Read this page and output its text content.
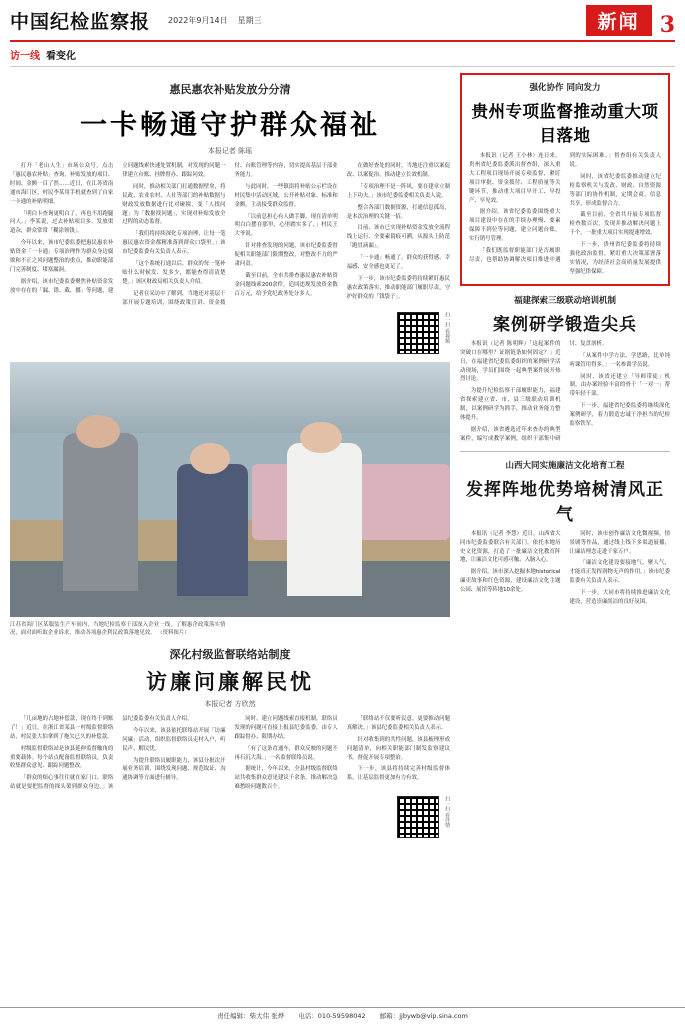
中国纪检监察报 2022年9月14日 星期三	新闻 3
访一线 看变化
惠民惠农补贴发放分分清
一卡畅通守护群众福祉
本报记者 陈瑶

打开「老山人生」市场公众号，点击「惠民惠农补贴」查询，补贴发放的项目、时间、金额一目了然……近日，在江苏省南通市海门区，村民李某用手机就查到了自家一卡通的补贴明细。

「明白卡查询更明白了，再也不用跑腿问人。」李某说，过去补贴项目多、发放渠道杂，群众常常「糊涂领钱」。

今年以来，该市纪委监委把惠民惠农补贴资金「一卡通」专项治理作为群众身边腐败和不正之风问题整治的重点，推动职能部门完善制度、堵塞漏洞。

据介绍，该市纪委监委聚焦补贴资金发放中存在的「漏、错、截、挪」等问题，建立问题线索快速处置机制，对发现的问题一律建立台账、挂牌督办、跟踪问效。

同时，推动相关部门打通数据壁垒，将民政、农业农村、人社等部门的补贴数据与财政发放数据进行比对碰撞，变「人找问题」为「数据找问题」，实现对补贴发放全过程的动态监督。

「我们将持续深化专项治理，让每一笔惠民惠农资金都精准落到群众口袋里。」该市纪委监委有关负责人表示。

「这个系统打通以后，群众的每一笔补贴什么时候发、发多少，都能查得清清楚楚。」该区财政局相关负责人介绍。

记者在采访中了解到，当地还对基层干部开展专题培训，围绕政策宣讲、资金拨付、台账管理等内容，切实提高基层干部业务能力。

与此同时，一些镇街将补贴公示栏设在村民集中活动区域，公开补贴对象、标准和金额，主动接受群众监督。

「以前总担心有人做手脚，现在清单明明白白摆在那里，心里踏实多了。」村民王大爷说。

针对排查发现的问题，该市纪委监委督促相关职能部门限期整改，对整改不力的严肃问责。

截至目前，全市共排查惠民惠农补贴资金问题线索200余件，追回违规发放资金数百万元，给予党纪政务处分多人。

在做好查处的同时，当地还注重以案促改、以案促治，推动建立长效机制。

「专项治理不是一阵风，要在建章立制上下功夫。」该市纪委监委相关负责人说。

整合各部门数据资源，打通信息孤岛，是本次治理的关键一招。

目前，该市已实现补贴资金发放全流程线上运行、全要素留痕可溯，从源头上防范「跑冒滴漏」。

「一卡通」畅通了，群众的获得感、幸福感、安全感也更足了。

下一步，该市纪委监委将持续紧盯惠民惠农政策落实，推动职能部门履职尽责，守护好群众的「钱袋子」。

扫一扫 看视频
江苏省海门区某服装生产车间内，当地纪检监察干部深入企业一线，了解惠企政策落实情况，面对面听取企业诉求，推动各项惠企利民政策落地见效。 （资料图片）
深化村级监督联络站制度
访廉问廉解民忧
本报记者 方欣然

「几亩地的占地补偿款，现在终于到账了！」近日，在浙江省某县一村级监督联络站，村民张大伯拿到了拖欠已久的补偿款。

村级监督联络站是该县延伸监督触角的重要载体。每个站点配备监督联络员，负责收集群众意见、跟踪问题整改。

「群众的烦心事往往就在家门口，联络站就是要把监督的探头架到群众身边。」该县纪委监委有关负责人介绍。

今年以来，该县依托联络站开展「访廉问廉」活动，组织监督联络员走村入户，听民声、解民忧。

为提升联络员履职能力，该县分批次开展业务培训，围绕发现问题、规范取证、沟通协调等方面进行辅导。

同时，建立问题线索直报机制，联络员发现的问题可直接上报县纪委监委，由专人跟踪督办、限期办结。

「有了这条直通车，群众反映的问题不再石沉大海。」一名监督联络员说。

据统计，今年以来，全县村级监督联络站共收集群众意见建议千余条，推动解决急难愁盼问题数百个。

「联络站不仅要听民意，更要推动问题真解决。」该县纪委监委相关负责人表示。

针对收集到的共性问题，该县梳理形成问题清单，向相关职能部门制发监察建议书，督促开展专项整治。

下一步，该县将持续完善村级监督体系，让基层监督更加有力有效。

扫一扫 看详情
强化协作 同向发力
贵州专项监督推动重大项目落地

本报讯（记者 王小林）连日来，贵州省纪委监委派出督查组，深入重大工程项目现场开展专项监督，紧盯项目审批、资金拨付、工程质量等关键环节，推动重大项目早开工、早投产、早见效。

据介绍，该省纪委监委围绕重大项目建设中存在的手续办理慢、要素保障不到位等问题，建立问题台账，实行销号管理。

「我们既监督职能部门是否履职尽责，也帮助协调解决项目推进中遇到的实际困难。」督查组有关负责人说。

同时，该省纪委监委推动建立纪检监察机关与发改、财政、自然资源等部门的协作机制，定期会商、信息共享，形成监督合力。

截至目前，全省共开展专项监督检查数百次，发现并推动解决问题上千个，一批重大项目实现提速增效。

下一步，贵州省纪委监委将持续强化政治监督，紧盯重大决策部署落实情况，为经济社会高质量发展提供坚强纪律保障。

福建探索三级联动培训机制
案例研学锻造尖兵

本报讯（记者 陈明辉）「这起案件的突破口在哪里？证据链条如何固定？」近日，在福建省纪委监委组织的案例研学活动现场，学员们围绕一起典型案件展开热烈讨论。

为提升纪检监察干部履职能力，福建省探索建立省、市、县三级联动培训机制，以案例研学为抓手，推动业务能力整体提升。

据介绍，该省遴选近年来查办的典型案件，编写成教学案例，组织干部集中研讨、复盘剖析。

「从案件中学方法、学思路，比单纯听课管用得多。」一名参训学员说。

同时，该省还建立「导师带徒」机制，由办案经验丰富的骨干「一对一」帮带年轻干部。

下一步，福建省纪委监委将继续深化案例研学，着力锻造忠诚干净担当的纪检监察铁军。

山西大同实施廉洁文化培育工程
发挥阵地优势培树清风正气

本报讯（记者 李慧）近日，山西省大同市纪委监委联合有关部门，依托本地历史文化资源，打造了一批廉洁文化教育阵地，让廉洁文化可感可触、入脑入心。

据介绍，该市深入挖掘本地historical廉吏故事和红色资源，建设廉洁文化主题公园、展馆等阵地10余处。

同时，该市创作廉洁文化微视频、情景剧等作品，通过线上线下多渠道展播，让廉洁理念走进千家万户。

「廉洁文化建设要接地气、聚人气，才能真正发挥润物无声的作用。」该市纪委监委有关负责人表示。

下一步，大同市将持续推进廉洁文化建设，营造崇廉尚洁的良好氛围。

责任编辑：柴大伟 张烨 电话：010-59598042 邮箱：jjbywb@vip.sina.com
